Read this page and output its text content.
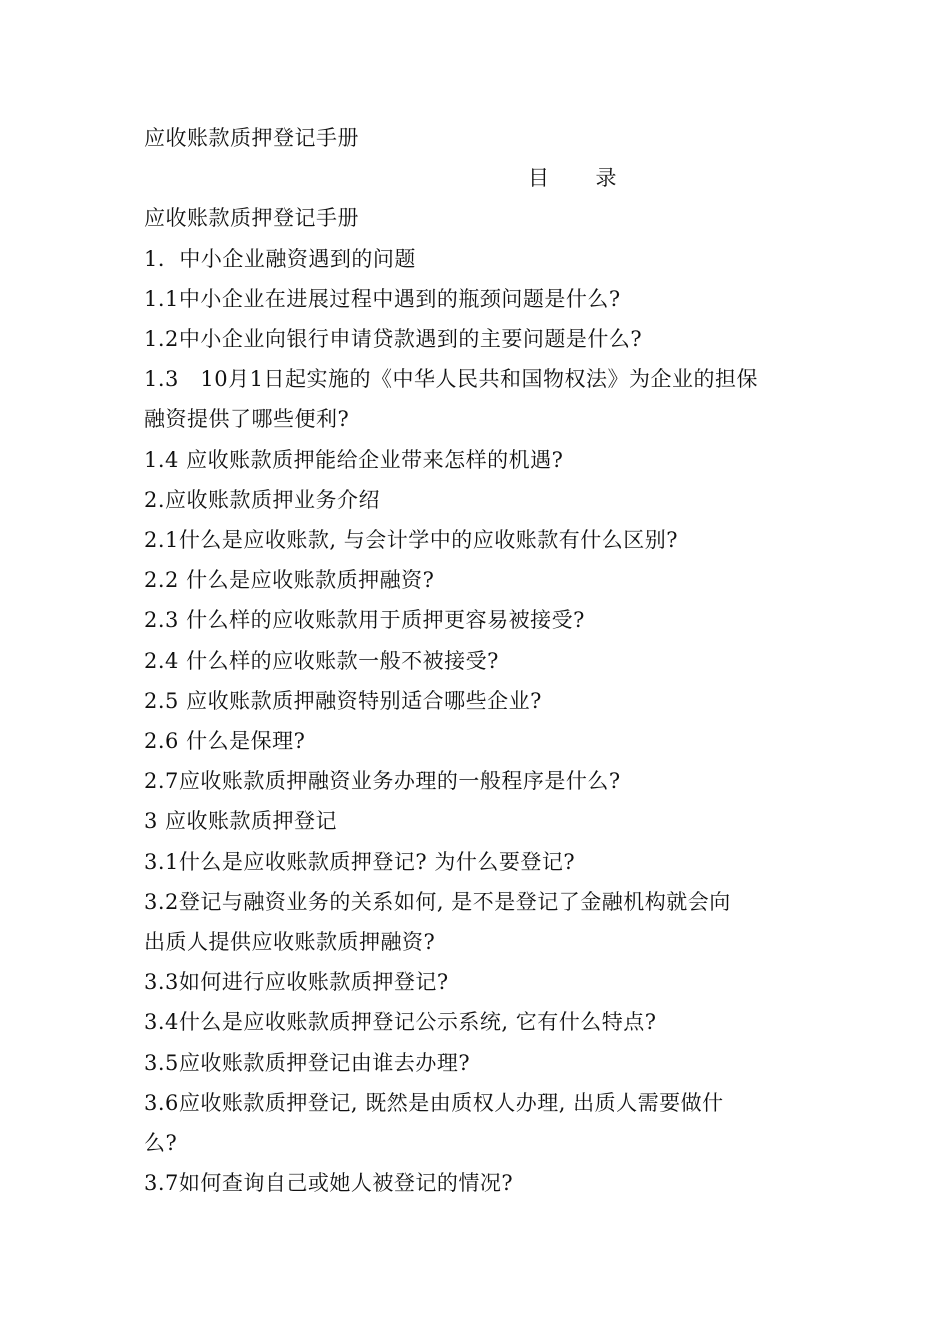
应收账款质押登记手册
目 录
应收账款质押登记手册
1．中小企业融资遇到的问题
1.1中小企业在进展过程中遇到的瓶颈问题是什么?
1.2中小企业向银行申请贷款遇到的主要问题是什么?
1.3　10月1日起实施的《中华人民共和国物权法》为企业的担保
融资提供了哪些便利?
1.4 应收账款质押能给企业带来怎样的机遇?
2.应收账款质押业务介绍
2.1什么是应收账款, 与会计学中的应收账款有什么区别?
2.2 什么是应收账款质押融资?
2.3 什么样的应收账款用于质押更容易被接受?
2.4 什么样的应收账款一般不被接受?
2.5 应收账款质押融资特别适合哪些企业?
2.6 什么是保理?
2.7应收账款质押融资业务办理的一般程序是什么?
3 应收账款质押登记
3.1什么是应收账款质押登记? 为什么要登记?
3.2登记与融资业务的关系如何, 是不是登记了金融机构就会向
出质人提供应收账款质押融资?
3.3如何进行应收账款质押登记?
3.4什么是应收账款质押登记公示系统, 它有什么特点?
3.5应收账款质押登记由谁去办理?
3.6应收账款质押登记, 既然是由质权人办理, 出质人需要做什
么?
3.7如何查询自己或她人被登记的情况?
